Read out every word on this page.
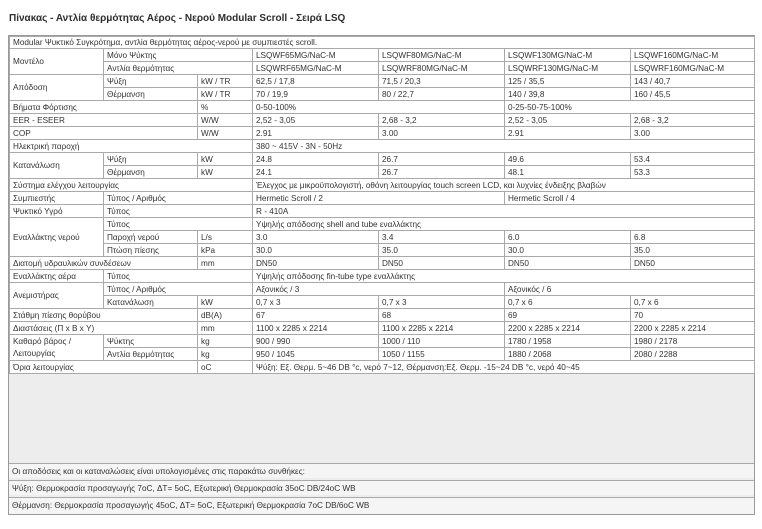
Πίνακας - Αντλία θερμότητας Αέρος - Νερού Modular Scroll - Σειρά LSQ
Modular Ψυκτικό Συγκρότημα, αντλία θερμότητας αέρος-νερού με συμπιεστές scroll.						
Μοντέλο	Μόνο Ψύκτης		LSQWF65MG/NaC-M	LSQWF80MG/NaC-M	LSQWF130MG/NaC-M	LSQWF160MG/NaC-M
	Αντλία θερμότητας		LSQWRF65MG/NaC-M	LSQWRF80MG/NaC-M	LSQWRF130MG/NaC-M	LSQWRF160MG/NaC-M
Απόδοση	Ψύξη	kW / TR	62,5 / 17,8	71,5 / 20,3	125 / 35,5	143 / 40,7
	Θέρμανση	kW / TR	70 / 19,9	80 / 22,7	140 / 39,8	160 / 45,5
Βήματα Φόρτισης		%	0-50-100%		0-25-50-75-100%	
EER - ESEER		W/W	2,52 - 3,05	2,68 - 3,2	2,52 - 3,05	2,68 - 3,2
COP		W/W	2.91	3.00	2.91	3.00
Ηλεκτρική παροχή			380 ~ 415V - 3N - 50Hz			
Κατανάλωση	Ψύξη	kW	24.8	26.7	49.6	53.4
	Θέρμανση	kW	24.1	26.7	48.1	53.3
Σύστημα ελέγχου λειτουργίας			Έλεγχος με μικροϋπολογιστή, οθόνη λειτουργίας touch screen LCD, και λυχνίες ένδειξης βλαβών			
Συμπιεστής	Τύπος / Αριθμός		Hermetic Scroll / 2		Hermetic Scroll / 4	
Ψυκτικό Υγρό	Τύπος		R - 410A			
Εναλλάκτης νερού	Τύπος		Υψηλής απόδοσης shell and tube εναλλάκτης			
	Παροχή νερού	L/s	3.0	3.4	6.0	6.8
	Πτώση πίεσης	kPa	30.0	35.0	30.0	35.0
Διατομή υδραυλικών συνδέσεων		mm	DN50	DN50	DN50	DN50
Εναλλάκτης αέρα	Τύπος		Υψηλής απόδοσης fin-tube type εναλλάκτης			
Ανεμιστήρας	Τύπος / Αριθμός		Αξονικός / 3		Αξονικός / 6	
	Κατανάλωση	kW	0,7 x 3	0,7 x 3	0,7 x 6	0,7 x 6
Στάθμη πίεσης θορύβου		dB(A)	67	68	69	70
Διαστάσεις (Π x Β x Υ)		mm	1100 x 2285 x 2214	1100 x 2285 x 2214	2200 x 2285 x 2214	2200 x 2285 x 2214
Καθαρό βάρος / Λειτουργίας	Ψύκτης	kg	900 / 990	1000 / 110	1780 / 1958	1980 / 2178
	Αντλία θερμότητας	kg	950 / 1045	1050 / 1155	1880 / 2068	2080 / 2288
Όρια λειτουργίας		oC	Ψύξη: Εξ. Θερμ. 5~46 DB °c, νερό 7~12, Θέρμανση:Εξ. Θερμ. -15~24 DB °c, νερό 40~45			
Οι αποδόσεις και οι καταναλώσεις είναι υπολογισμένες στις παρακάτω συνθήκες:
Ψύξη: Θερμοκρασία προσαγωγής 7oC, ΔT= 5oC, Εξωτερική Θερμοκρασία 35oC DB/24oC WB
Θέρμανση: Θερμοκρασία προσαγωγής 45oC, ΔT= 5oC, Εξωτερική Θερμοκρασία 7oC DB/6oC WB
